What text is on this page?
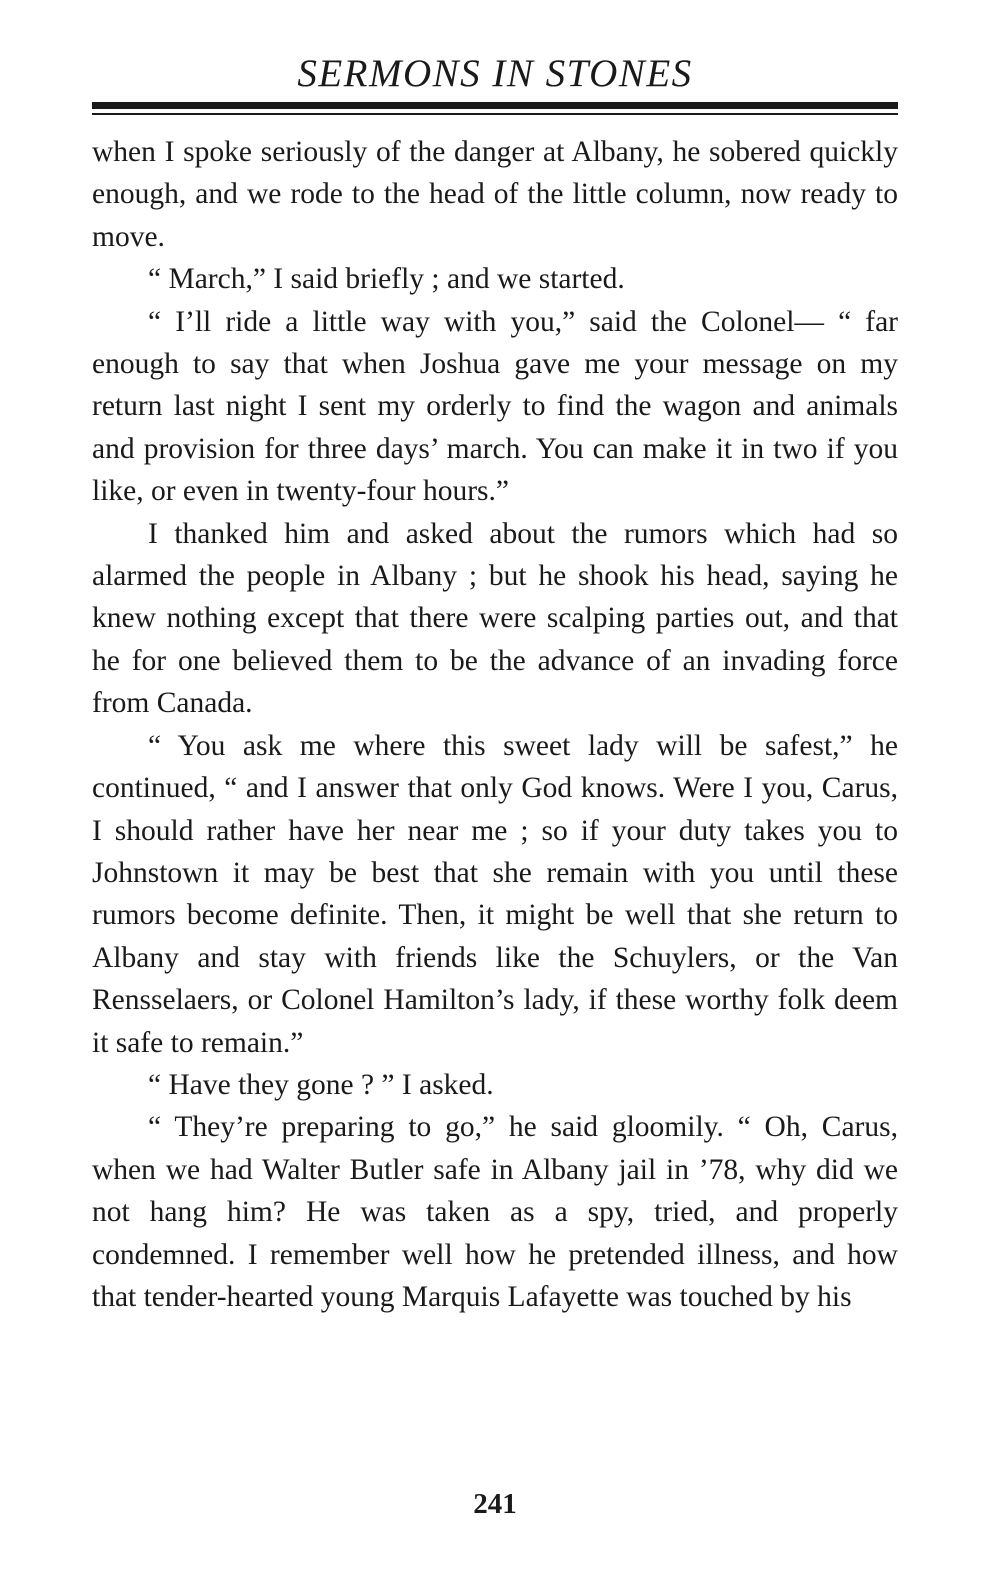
SERMONS IN STONES

when I spoke seriously of the danger at Albany, he sobered quickly enough, and we rode to the head of the little column, now ready to move.

“ March,” I said briefly ; and we started.

“ I’ll ride a little way with you,” said the Colonel— “ far enough to say that when Joshua gave me your message on my return last night I sent my orderly to find the wagon and animals and provision for three days’ march. You can make it in two if you like, or even in twenty-four hours.”

I thanked him and asked about the rumors which had so alarmed the people in Albany ; but he shook his head, saying he knew nothing except that there were scalping parties out, and that he for one believed them to be the advance of an invading force from Canada.

“ You ask me where this sweet lady will be safest,” he continued, “ and I answer that only God knows. Were I you, Carus, I should rather have her near me ; so if your duty takes you to Johnstown it may be best that she remain with you until these rumors become definite. Then, it might be well that she return to Albany and stay with friends like the Schuylers, or the Van Rensselaers, or Colonel Hamilton’s lady, if these worthy folk deem it safe to remain.”

“ Have they gone ? ” I asked.

“ They’re preparing to go,” he said gloomily. “ Oh, Carus, when we had Walter Butler safe in Albany jail in ’78, why did we not hang him? He was taken as a spy, tried, and properly condemned. I remember well how he pretended illness, and how that tender-hearted young Marquis Lafayette was touched by his

241
